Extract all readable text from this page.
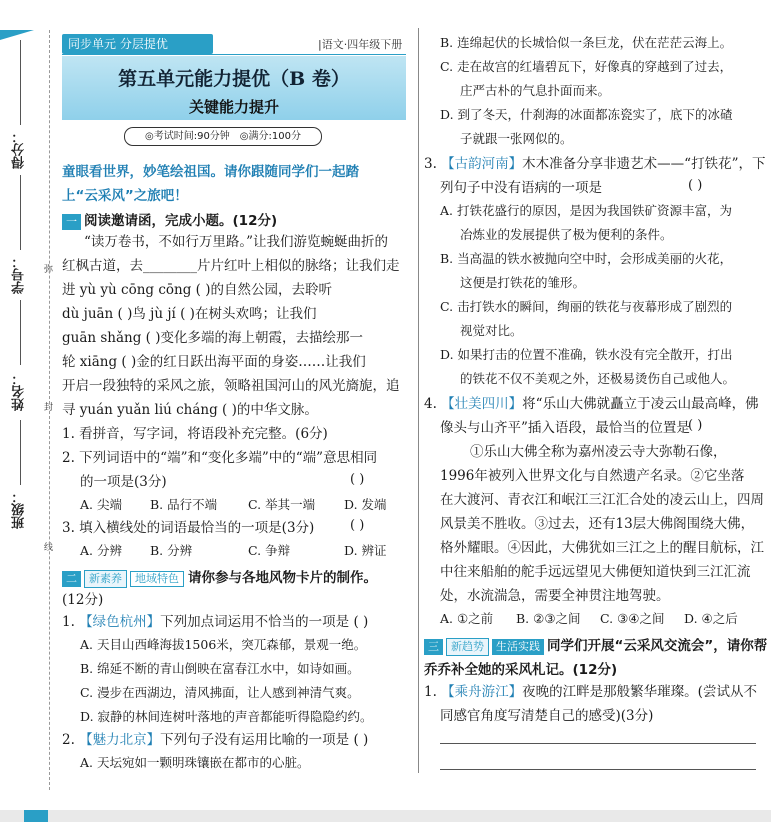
得分：
学号：
姓名：
班级：
弥
封
线
同步单元 分层提优	|语文·四年级下册
第五单元能力提优（B 卷）
关键能力提升
◎考试时间:90分钟　◎满分:100分
童眼看世界，妙笔绘祖国。请你跟随同学们一起踏
上“云采风”之旅吧！
一 阅读邀请函，完成小题。(12分)
“读万卷书，不如行万里路。”让我们游览蜿蜒曲折的
红枫古道，去________片片红叶上相似的脉络；让我们走
进 yù yù cōng cōng ( )的自然公园，去聆听
dù juān ( )鸟 jù jí ( )在树头欢鸣；让我们
guān shǎng ( )变化多端的海上朝霞，去描绘那一
轮 xiāng ( )金的红日跃出海平面的身姿……让我们
开启一段独特的采风之旅，领略祖国河山的风光旖旎，追
寻 yuán yuǎn liú cháng ( )的中华文脉。
1. 看拼音，写字词，将语段补充完整。(6分)
2. 下列词语中的“端”和“变化多端”中的“端”意思相同
的一项是(3分)	( )
A. 尖端 B. 品行不端 C. 举其一端 D. 发端
3. 填入横线处的词语最恰当的一项是(3分)	( )
A. 分辨 B. 分辨	C. 争辩	D. 辨证
二 新素养 地域特色 请你参与各地风物卡片的制作。
(12分)
1. 【绿色杭州】下列加点词运用不恰当的一项是 ( )
A. 天目山西峰海拔1506米，突兀森郁，景观一绝。
B. 绵延不断的青山倒映在富春江水中，如诗如画。
C. 漫步在西湖边，清风拂面，让人感到神清气爽。
D. 寂静的林间连树叶落地的声音都能听得隐隐约约。
2. 【魅力北京】下列句子没有运用比喻的一项是 ( )
A. 天坛宛如一颗明珠镶嵌在都市的心脏。
B. 连绵起伏的长城恰似一条巨龙，伏在茫茫云海上。
C. 走在故宫的红墙碧瓦下，好像真的穿越到了过去，
庄严古朴的气息扑面而来。
D. 到了冬天，什刹海的冰面都冻瓷实了，底下的冰碴
子就跟一张网似的。
3. 【古韵河南】木木准备分享非遗艺术——“打铁花”，下
列句子中没有语病的一项是	( )
A. 打铁花盛行的原因，是因为我国铁矿资源丰富，为
冶炼业的发展提供了极为便利的条件。
B. 当高温的铁水被抛向空中时，会形成美丽的火花，
这便是打铁花的雏形。
C. 击打铁水的瞬间，绚丽的铁花与夜幕形成了剧烈的
视觉对比。
D. 如果打击的位置不准确，铁水没有完全散开，打出
的铁花不仅不美观之外，还极易烫伤自己或他人。
4. 【壮美四川】将“乐山大佛就矗立于凌云山最高峰，佛
像头与山齐平”插入语段，最恰当的位置是
( )
①乐山大佛全称为嘉州凌云寺大弥勒石像，
1996年被列入世界文化与自然遗产名录。②它坐落
在大渡河、青衣江和岷江三江汇合处的凌云山上，四周
风景美不胜收。③过去，还有13层大佛阁围绕大佛，
格外耀眼。④因此，大佛犹如三江之上的醒目航标，江
中往来船舶的舵手远远望见大佛便知道快到三江汇流
处，水流湍急，需要全神贯注地驾驶。
A. ①之前 B. ②③之间 C. ③④之间 D. ④之后
三 新趋势 生活实践 同学们开展“云采风交流会”，请你帮
乔乔补全她的采风札记。(12分)
1. 【乘舟游江】夜晚的江畔是那般繁华璀璨。(尝试从不
同感官角度写清楚自己的感受)(3分)
